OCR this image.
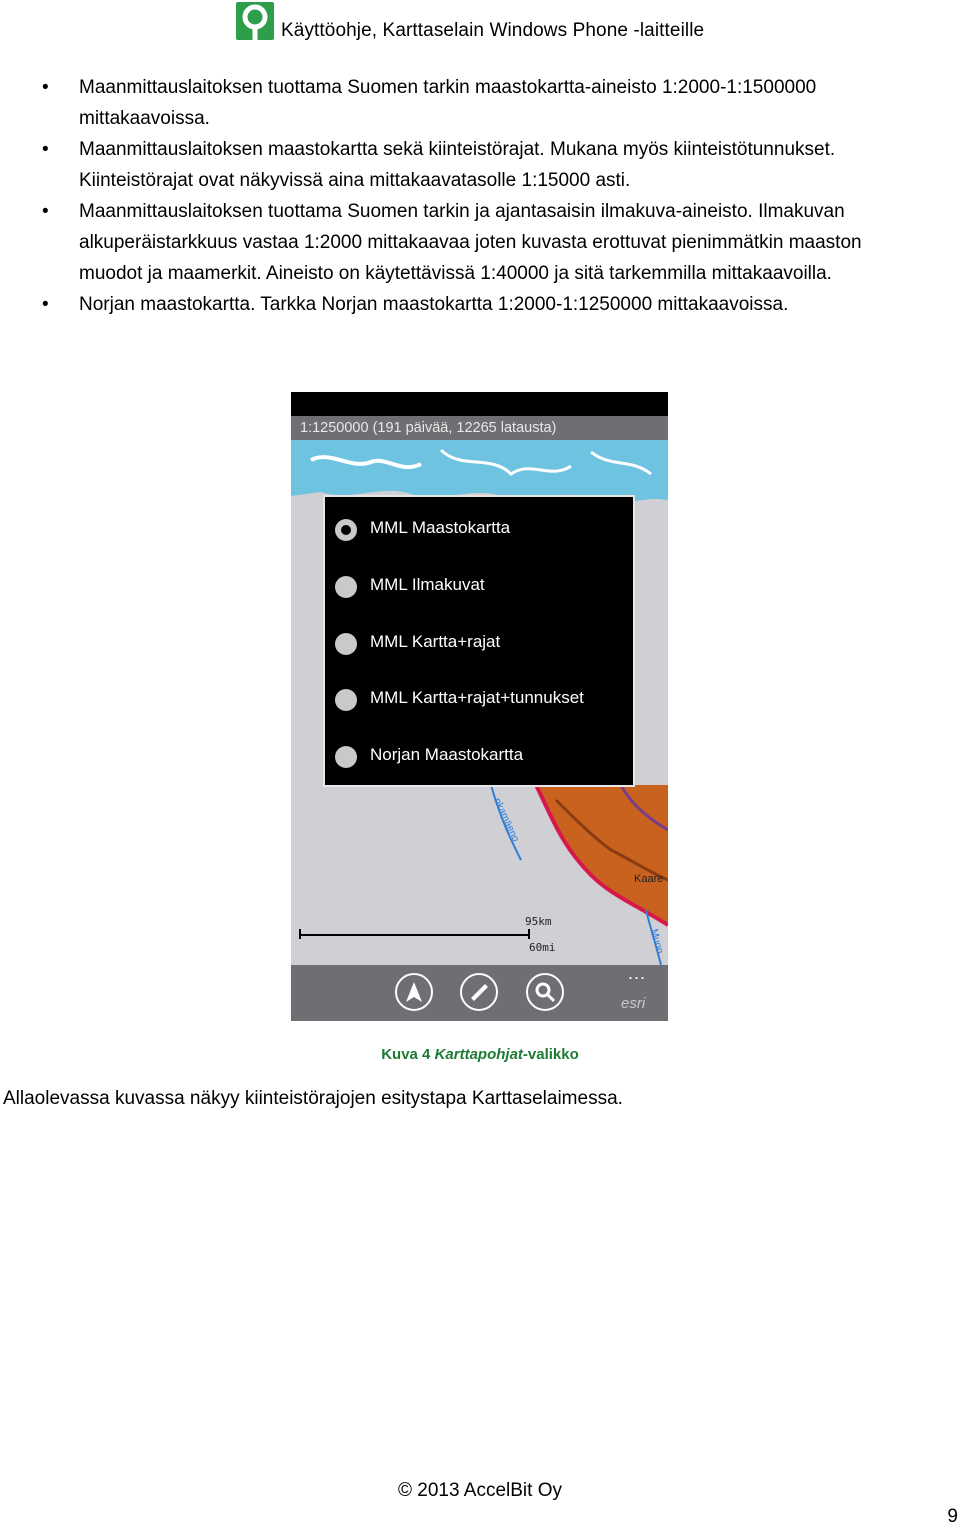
Käyttöohje, Karttaselain Windows Phone -laitteille
• Maanmittauslaitoksen tuottama Suomen tarkin maastokartta-aineisto 1:2000-1:1500000 mittakaavoissa.
• Maanmittauslaitoksen maastokartta sekä kiinteistörajat. Mukana myös kiinteistötunnukset. Kiinteistörajat ovat näkyvissä aina mittakaavatasolle 1:15000 asti.
• Maanmittauslaitoksen tuottama Suomen tarkin ja ajantasaisin ilmakuva-aineisto. Ilmakuvan alkuperäistarkkuus vastaa 1:2000 mittakaavaa joten kuvasta erottuvat pienimmätkin maaston muodot ja maamerkit. Aineisto on käytettävissä 1:40000 ja sitä tarkemmilla mittakaavoilla.
• Norjan maastokartta. Tarkka Norjan maastokartta 1:2000-1:1250000 mittakaavoissa.
Kaare
nkamäeno
Muon
1:1250000 (191 päivää, 12265 latausta)
MML Maastokartta
MML Ilmakuvat
MML Kartta+rajat
MML Kartta+rajat+tunnukset
Norjan Maastokartta
95km
60mi
...
esri
Kuva 4 Karttapohjat-valikko
Allaolevassa kuvassa näkyy kiinteistörajojen esitystapa Karttaselaimessa.
© 2013 AccelBit Oy
9
